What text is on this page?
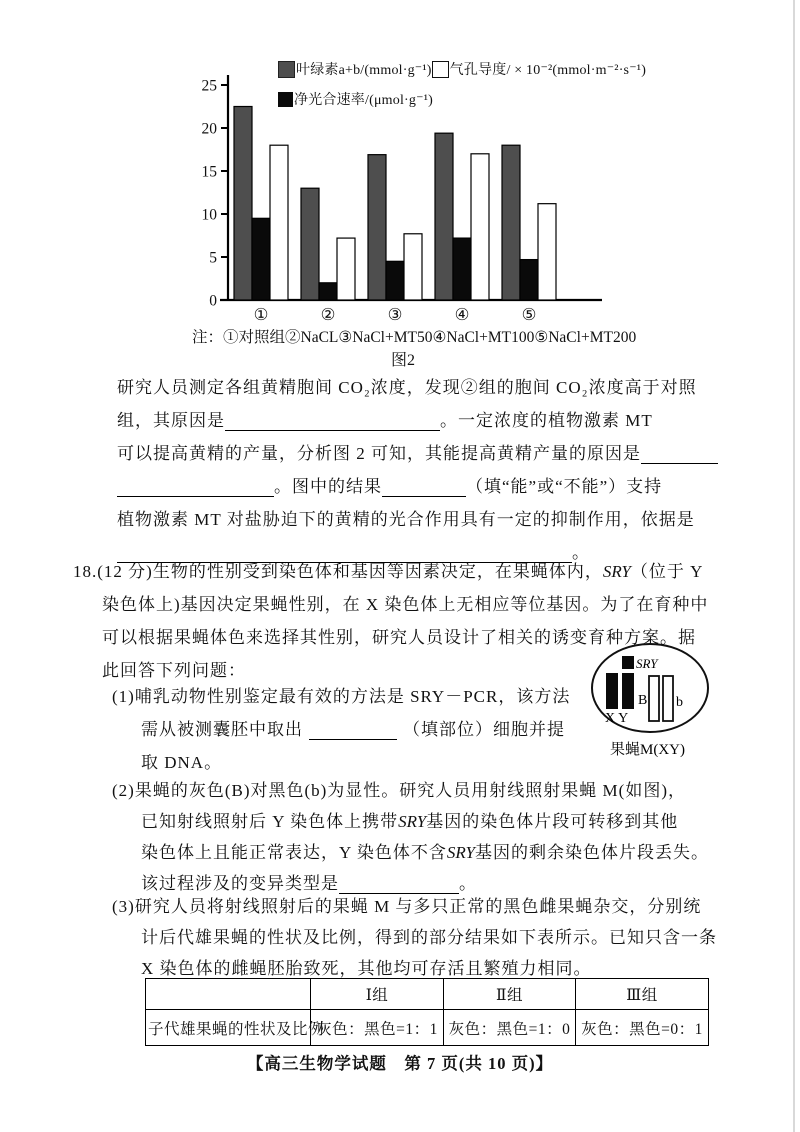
0
5
10
15
20
25
①	②	③	④	⑤
叶绿素a+b/(mmol·g⁻¹) 气孔导度/ × 10⁻²(mmol·m⁻²·s⁻¹)
净光合速率/(μmol·g⁻¹)
注：①对照组②NaCL③NaCl+MT50④NaCl+MT100⑤NaCl+MT200
图2
研究人员测定各组黄精胞间 CO₂浓度，发现②组的胞间 CO₂浓度高于对照
组，其原因是	。一定浓度的植物激素 MT
可以提高黄精的产量，分析图 2 可知，其能提高黄精产量的原因是
。图中的结果	（填“能”或“不能”）支持
植物激素 MT 对盐胁迫下的黄精的光合作用具有一定的抑制作用，依据是
。
18.(12 分)生物的性别受到染色体和基因等因素决定，在果蝇体内， SRY （位于 Y
染色体上)基因决定果蝇性别，在 X 染色体上无相应等位基因。为了在育种中
可以根据果蝇体色来选择其性别，研究人员设计了相关的诱变育种方案。据
此回答下列问题：
(1)哺乳动物性别鉴定最有效的方法是 SRY－PCR，该方法
需从被测囊胚中取出	（填部位）细胞并提
取 DNA。
SRY
X Y
B b
果蝇M(XY)
(2)果蝇的灰色(B)对黑色(b)为显性。研究人员用射线照射果蝇 M(如图)，
已知射线照射后 Y 染色体上携带 SRY 基因的染色体片段可转移到其他
染色体上且能正常表达，Y 染色体不含 SRY 基因的剩余染色体片段丢失。
该过程涉及的变异类型是	。
(3)研究人员将射线照射后的果蝇 M 与多只正常的黑色雌果蝇杂交，分别统
计后代雄果蝇的性状及比例，得到的部分结果如下表所示。已知只含一条
X 染色体的雌蝇胚胎致死，其他均可存活且繁殖力相同。
	Ⅰ组	Ⅱ组	Ⅲ组
子代雄果蝇的性状及比例	灰色：黑色=1：1	灰色：黑色=1：0	灰色：黑色=0：1
【高三生物学试题　第 7 页(共 10 页)】
